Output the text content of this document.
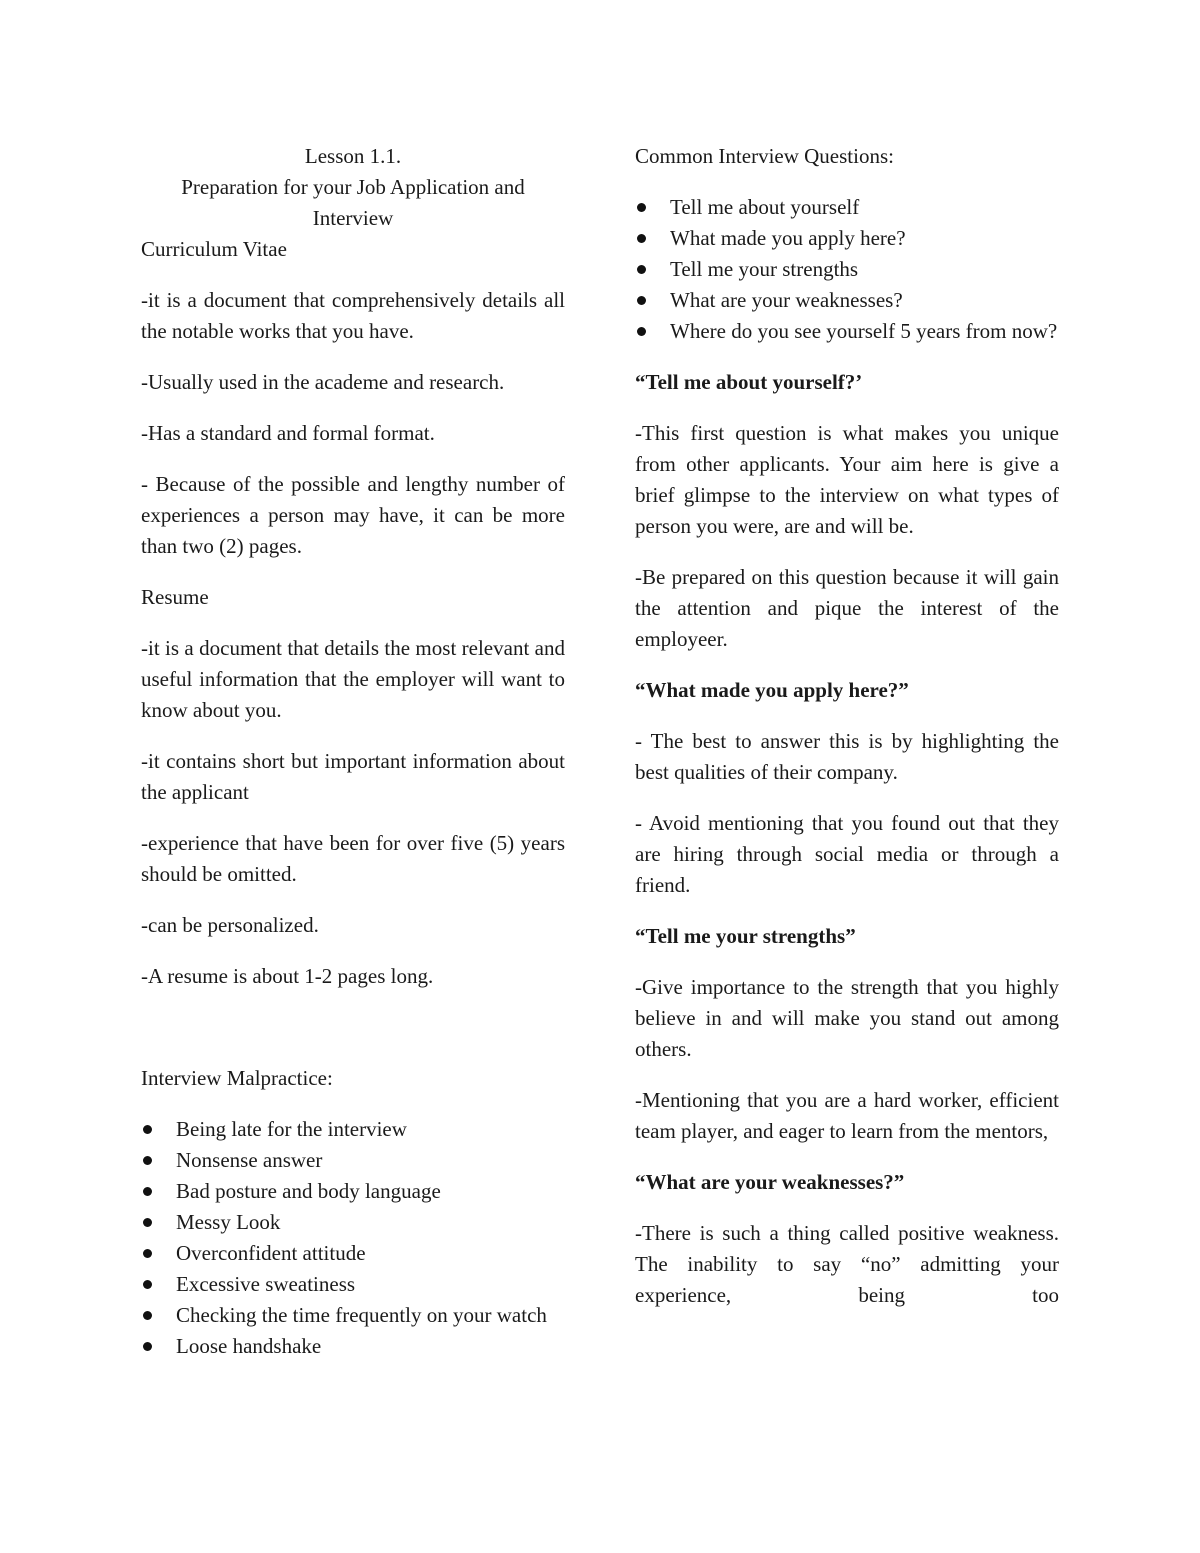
Lesson 1.1.
Preparation for your Job Application and
Interview
Curriculum Vitae

-it is a document that comprehensively details all the notable works that you have.

-Usually used in the academe and research.

-Has a standard and formal format.

- Because of the possible and lengthy number of experiences a person may have, it can be more than two (2) pages.

Resume

-it is a document that details the most relevant and useful information that the employer will want to know about you.

-it contains short but important information about the applicant

-experience that have been for over five (5) years should be omitted.

-can be personalized.

-A resume is about 1-2 pages long.

Interview Malpractice:

Being late for the interview
Nonsense answer
Bad posture and body language
Messy Look
Overconfident attitude
Excessive sweatiness
Checking the time frequently on your watch
Loose handshake

Common Interview Questions:

Tell me about yourself
What made you apply here?
Tell me your strengths
What are your weaknesses?
Where do you see yourself 5 years from now?

“Tell me about yourself?’

-This first question is what makes you unique from other applicants. Your aim here is give a brief glimpse to the interview on what types of person you were, are and will be.

-Be prepared on this question because it will gain the attention and pique the interest of the employeer.

“What made you apply here?”

- The best to answer this is by highlighting the best qualities of their company.

- Avoid mentioning that you found out that they are hiring through social media or through a friend.

“Tell me your strengths”

-Give importance to the strength that you highly believe in and will make you stand out among others.

-Mentioning that you are a hard worker, efficient team player, and eager to learn from the mentors,

“What are your weaknesses?”

-There is such a thing called positive weakness. The inability to say “no” admitting your experience, being too
